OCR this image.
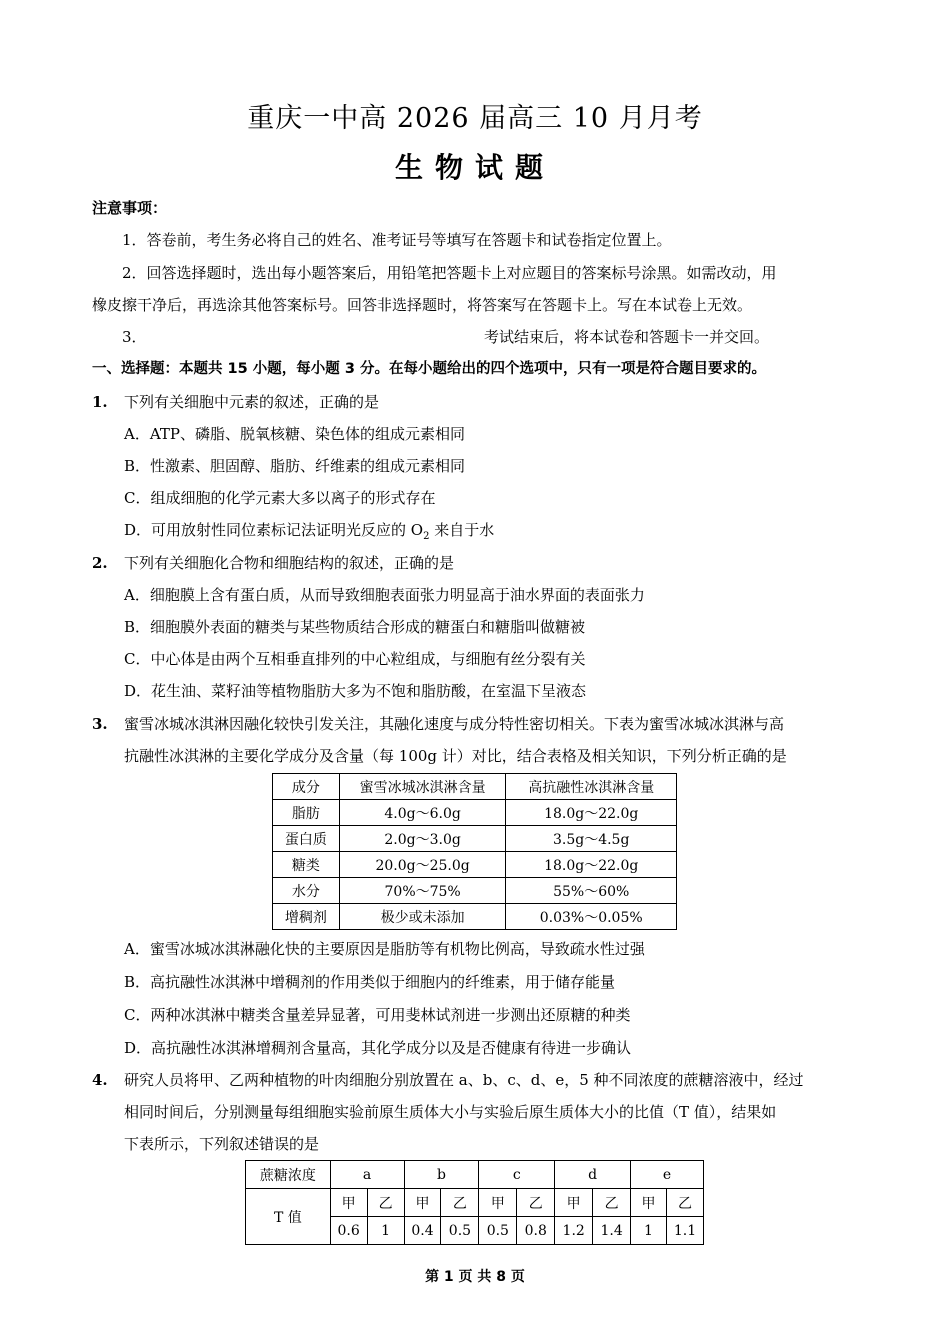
重庆一中高 2026 届高三 10 月月考
生物试题
注意事项：
1．答卷前，考生务必将自己的姓名、准考证号等填写在答题卡和试卷指定位置上。
2．回答选择题时，选出每小题答案后，用铅笔把答题卡上对应题目的答案标号涂黑。如需改动，用
橡皮擦干净后，再选涂其他答案标号。回答非选择题时，将答案写在答题卡上。写在本试卷上无效。
3．	考试结束后，将本试卷和答题卡一并交回。
一、选择题：本题共 15 小题，每小题 3 分。在每小题给出的四个选项中，只有一项是符合题目要求的。
1. 下列有关细胞中元素的叙述，正确的是
A．ATP、磷脂、脱氧核糖、染色体的组成元素相同
B．性激素、胆固醇、脂肪、纤维素的组成元素相同
C．组成细胞的化学元素大多以离子的形式存在
D．可用放射性同位素标记法证明光反应的 $O_2$ 来自于水
2. 下列有关细胞化合物和细胞结构的叙述，正确的是
A．细胞膜上含有蛋白质，从而导致细胞表面张力明显高于油水界面的表面张力
B．细胞膜外表面的糖类与某些物质结合形成的糖蛋白和糖脂叫做糖被
C．中心体是由两个互相垂直排列的中心粒组成，与细胞有丝分裂有关
D．花生油、菜籽油等植物脂肪大多为不饱和脂肪酸，在室温下呈液态
3. 蜜雪冰城冰淇淋因融化较快引发关注，其融化速度与成分特性密切相关。下表为蜜雪冰城冰淇淋与高
抗融性冰淇淋的主要化学成分及含量（每 100g 计）对比，结合表格及相关知识，下列分析正确的是
成分	蜜雪冰城冰淇淋含量	高抗融性冰淇淋含量
脂肪	4.0g～6.0g	18.0g～22.0g
蛋白质	2.0g～3.0g	3.5g～4.5g
糖类	20.0g～25.0g	18.0g～22.0g
水分	70%～75%	55%～60%
增稠剂	极少或未添加	0.03%～0.05%
A．蜜雪冰城冰淇淋融化快的主要原因是脂肪等有机物比例高，导致疏水性过强
B．高抗融性冰淇淋中增稠剂的作用类似于细胞内的纤维素，用于储存能量
C．两种冰淇淋中糖类含量差异显著，可用斐林试剂进一步测出还原糖的种类
D．高抗融性冰淇淋增稠剂含量高，其化学成分以及是否健康有待进一步确认
4. 研究人员将甲、乙两种植物的叶肉细胞分别放置在 a、b、c、d、e，5 种不同浓度的蔗糖溶液中，经过
相同时间后，分别测量每组细胞实验前原生质体大小与实验后原生质体大小的比值（T 值），结果如
下表所示，下列叙述错误的是
蔗糖浓度	a		b		c		d		e	
T 值	甲	乙	甲	乙	甲	乙	甲	乙	甲	乙
	0.6	1	0.4	0.5	0.5	0.8	1.2	1.4	1	1.1
第 1 页 共 8 页
